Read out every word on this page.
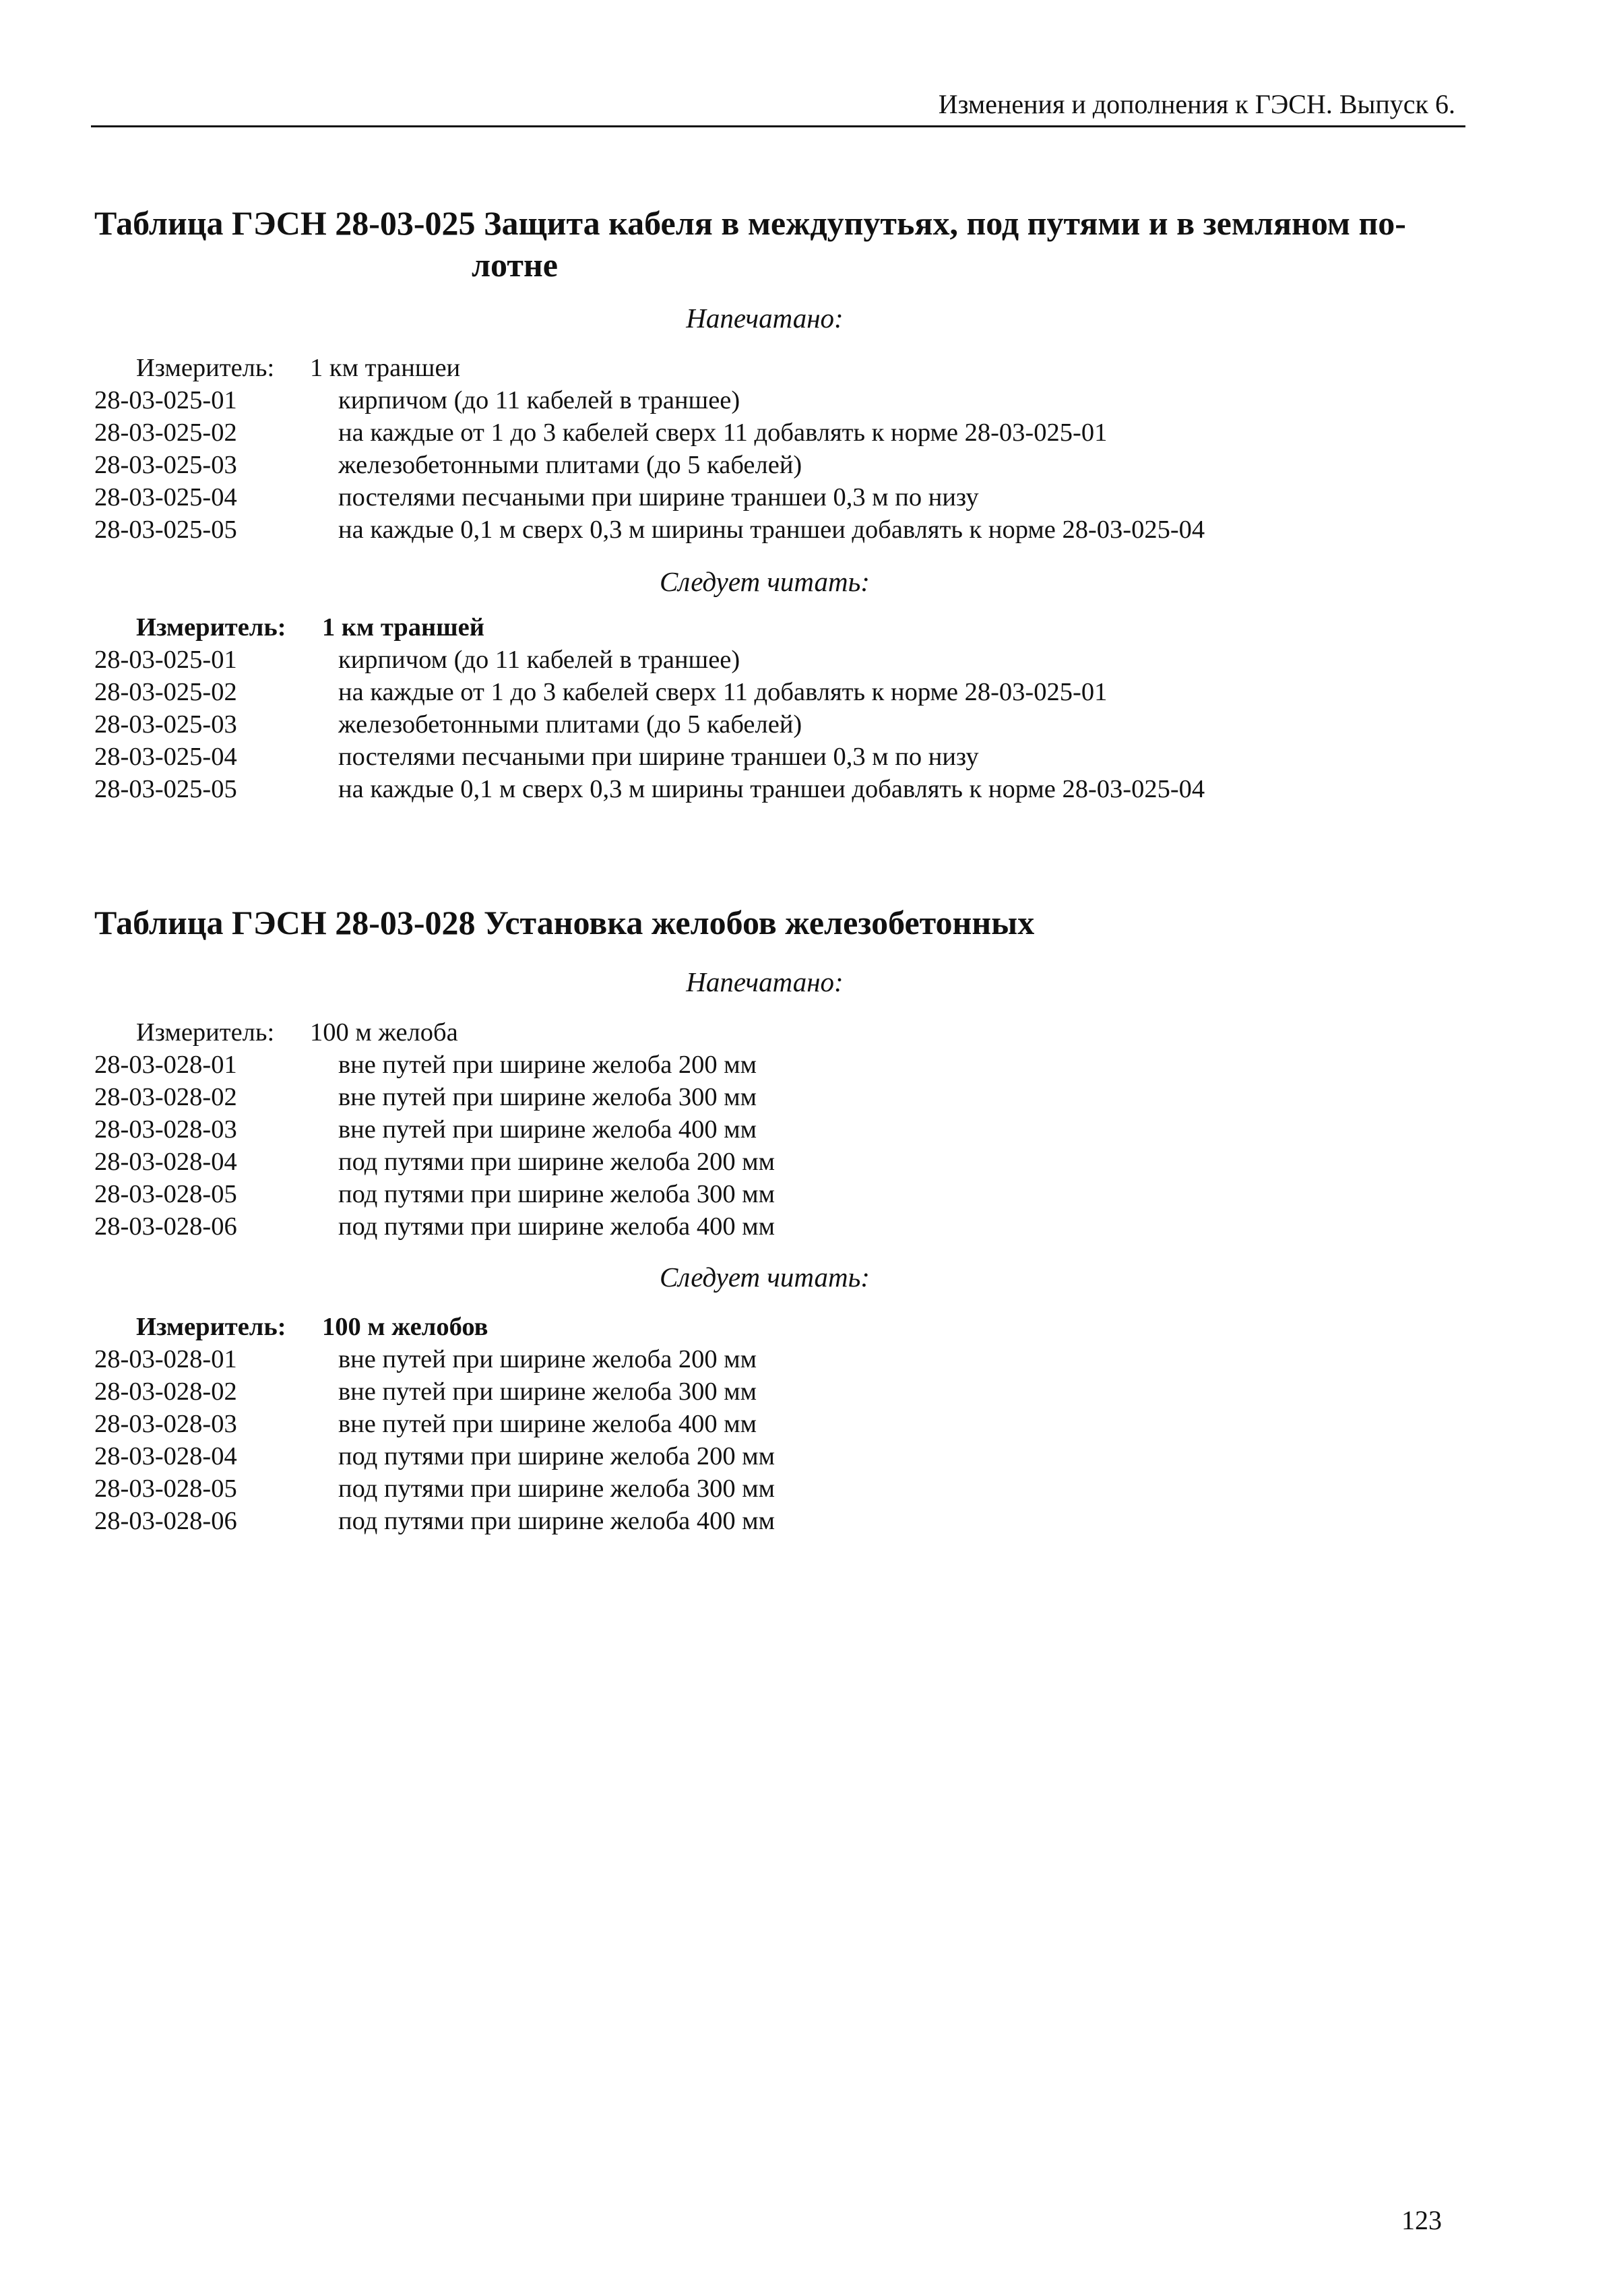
Изменения и дополнения к ГЭСН. Выпуск 6.
Таблица ГЭСН 28-03-025 Защита кабеля в междупутьях, под путями и в земляном по-
лотне
Напечатано:
Измеритель: 1 км траншеи
28-03-025-01	кирпичом (до 11 кабелей в траншее)
28-03-025-02	на каждые от 1 до 3 кабелей сверх 11 добавлять к норме 28-03-025-01
28-03-025-03	железобетонными плитами (до 5 кабелей)
28-03-025-04	постелями песчаными при ширине траншеи 0,3 м по низу
28-03-025-05	на каждые 0,1 м сверх 0,3 м ширины траншеи добавлять к норме 28-03-025-04
Следует читать:
Измеритель: 1 км траншей
28-03-025-01	кирпичом (до 11 кабелей в траншее)
28-03-025-02	на каждые от 1 до 3 кабелей сверх 11 добавлять к норме 28-03-025-01
28-03-025-03	железобетонными плитами (до 5 кабелей)
28-03-025-04	постелями песчаными при ширине траншеи 0,3 м по низу
28-03-025-05	на каждые 0,1 м сверх 0,3 м ширины траншеи добавлять к норме 28-03-025-04
Таблица ГЭСН 28-03-028 Установка желобов железобетонных
Напечатано:
Измеритель: 100 м желоба
28-03-028-01	вне путей при ширине желоба 200 мм
28-03-028-02	вне путей при ширине желоба 300 мм
28-03-028-03	вне путей при ширине желоба 400 мм
28-03-028-04	под путями при ширине желоба 200 мм
28-03-028-05	под путями при ширине желоба 300 мм
28-03-028-06	под путями при ширине желоба 400 мм
Следует читать:
Измеритель: 100 м желобов
28-03-028-01	вне путей при ширине желоба 200 мм
28-03-028-02	вне путей при ширине желоба 300 мм
28-03-028-03	вне путей при ширине желоба 400 мм
28-03-028-04	под путями при ширине желоба 200 мм
28-03-028-05	под путями при ширине желоба 300 мм
28-03-028-06	под путями при ширине желоба 400 мм
123
